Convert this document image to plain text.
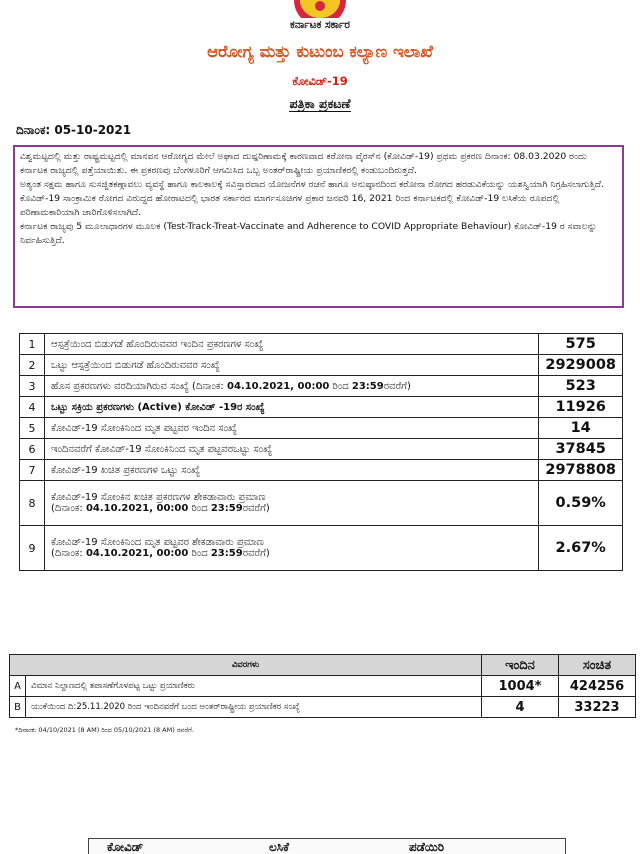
ಕರ್ನಾಟಕ ಸರ್ಕಾರ
ಆರೋಗ್ಯ ಮತ್ತು ಕುಟುಂಬ ಕಲ್ಯಾಣ ಇಲಾಖೆ
ಕೋವಿಡ್-19
ಪತ್ರಿಕಾ ಪ್ರಕಟಣೆ
ದಿನಾಂಕ: 05-10-2021

ವಿಶ್ವಮಟ್ಟದಲ್ಲಿ ಮತ್ತು ರಾಷ್ಟ್ರಮಟ್ಟದಲ್ಲಿ ಮಾನವನ ಆರೋಗ್ಯದ ಮೇಲೆ ಅಘಾದ ದುಷ್ಪರಿಣಾಮಕ್ಕೆ ಕಾರಣವಾದ ಕರೋನಾ ವೈರಸ್‌ನ (ಕೋವಿಡ್-19) ಪ್ರಥಮ ಪ್ರಕರಣ ದಿನಾಂಕ: 08.03.2020 ರಂದು ಕರ್ನಾಟಕ ರಾಜ್ಯದಲ್ಲಿ ಪತ್ತೆಯಾಯಿತು. ಈ ಪ್ರಕರಣವು ಬೆಂಗಳೂರಿಗೆ ಆಗಮಿಸಿದ ಒಬ್ಬ ಅಂತರ್‌ರಾಷ್ಟ್ರೀಯ ಪ್ರಯಾಣಿಕರಲ್ಲಿ ಕಂಡುಬಂದಿರುತ್ತದೆ.

ಅತ್ಯಂತ ಸಕ್ಷಮ ಹಾಗೂ ಸುಸಜ್ಜಿತಕಣ್ಗಾವಲು ವ್ಯವಸ್ಥೆ ಹಾಗೂ ಕಾಲಕಾಲಕ್ಕೆ ಸವಿಸ್ತಾರವಾದ ಯೋಜನೆಗಳ ರಚನೆ ಹಾಗೂ ಅನುಷ್ಠಾನದಿಂದ ಕರೋನಾ ರೋಗದ ಹರಡುವಿಕೆಯನ್ನು ಯಶಸ್ವಿಯಾಗಿ ನಿಗ್ರಹಿಸಲಾಗುತ್ತಿದೆ.

ಕೊವಿಡ್-19 ಸಾಂಕ್ರಾಮಿಕ ರೋಗದ ವಿರುದ್ಧದ ಹೋರಾಟದಲ್ಲಿ ಭಾರತ ಸರ್ಕಾರದ ಮಾರ್ಗಸೂಚಿಗಳ ಪ್ರಕಾರ ಜನವರಿ 16, 2021 ರಿಂದ ಕರ್ನಾಟಕದಲ್ಲಿ ಕೋವಿಡ್-19 ಲಸಿಕೆಯ ರೂಪದಲ್ಲಿ ಪರಿಣಾಮಕಾರಿಯಾಗಿ ಜಾರಿಗೊಳಿಸಲಾಗಿದೆ.

ಕರ್ನಾಟಕ ರಾಜ್ಯವು 5 ಮೂಲಾಧಾರಗಳ ಮೂಲಕ (Test-Track-Treat-Vaccinate and Adherence to COVID Appropriate Behaviour) ಕೋವಿಡ್-19 ರ ಸವಾಲನ್ನು ನಿರ್ವಹಿಸುತ್ತಿದೆ.

1	ಆಸ್ಪತ್ರೆಯಿಂದ ಬಿಡುಗಡೆ ಹೊಂದಿರುವವರ ಇಂದಿನ ಪ್ರಕರಣಗಳ ಸಂಖ್ಯೆ	575
2	ಒಟ್ಟು ಆಸ್ಪತ್ರೆಯಿಂದ ಬಿಡುಗಡೆ ಹೊಂದಿರುವವರ ಸಂಖ್ಯೆ	2929008
3	ಹೊಸ ಪ್ರಕರಣಗಳು ವರದಿಯಾಗಿರುವ ಸಂಖ್ಯೆ (ದಿನಾಂಕ: 04.10.2021, 00:00 ರಿಂದ 23:59ರವರೆಗೆ)	523
4	ಒಟ್ಟು ಸಕ್ರಿಯ ಪ್ರಕರಣಗಳು (Active) ಕೋವಿಡ್ -19ರ ಸಂಖ್ಯೆ	11926
5	ಕೋವಿಡ್-19 ಸೋಂಕಿನಿಂದ ಮೃತ ಪಟ್ಟವರ ಇಂದಿನ ಸಂಖ್ಯೆ	14
6	ಇಂದಿನವರೆಗೆ ಕೋವಿಡ್-19 ಸೋಂಕಿನಿಂದ ಮೃತ ಪಟ್ಟವರಒಟ್ಟು ಸಂಖ್ಯೆ	37845
7	ಕೋವಿಡ್-19 ಖಚಿತ ಪ್ರಕರಣಗಳ ಒಟ್ಟು ಸಂಖ್ಯೆ	2978808
8	ಕೋವಿಡ್-19 ಸೋಂಕಿನ ಖಚಿತ ಪ್ರಕರಣಗಳ ಶೇಕಡಾವಾರು ಪ್ರಮಾಣ
(ದಿನಾಂಕ: 04.10.2021, 00:00 ರಿಂದ 23:59ರವರೆಗೆ)	0.59%
9	ಕೋವಿಡ್-19 ಸೋಂಕಿನಿಂದ ಮೃತ ಪಟ್ಟವರ ಶೇಕಡಾವಾರು ಪ್ರಮಾಣ
(ದಿನಾಂಕ: 04.10.2021, 00:00 ರಿಂದ 23:59ರವರೆಗೆ)	2.67%
ವಿವರಗಳು		ಇಂದಿನ	ಸಂಚಿತ
A	ವಿಮಾನ ನಿಲ್ದಾಣದಲ್ಲಿ ತಪಾಸಣೆಗೊಳಪಟ್ಟ ಒಟ್ಟು ಪ್ರಯಾಣಿಕರು	1004*	424256
B	ಯುಕೆಯಿಂದ ದಿ:25.11.2020 ರಿಂದ ಇಂದಿನವರೆಗೆ ಬಂದ ಅಂತರ್‌ರಾಷ್ಟ್ರೀಯ ಪ್ರಯಾಣಿಕರ ಸಂಖ್ಯೆ	4	33223
*ದಿನಾಂಕ: 04/10/2021 (8 AM) ರಿಂದ 05/10/2021 (8 AM) ರವರೆಗೆ.
ಕೋವಿಡ್	ಲಸಿಕೆ	ಪಡೆಯಿರಿ
